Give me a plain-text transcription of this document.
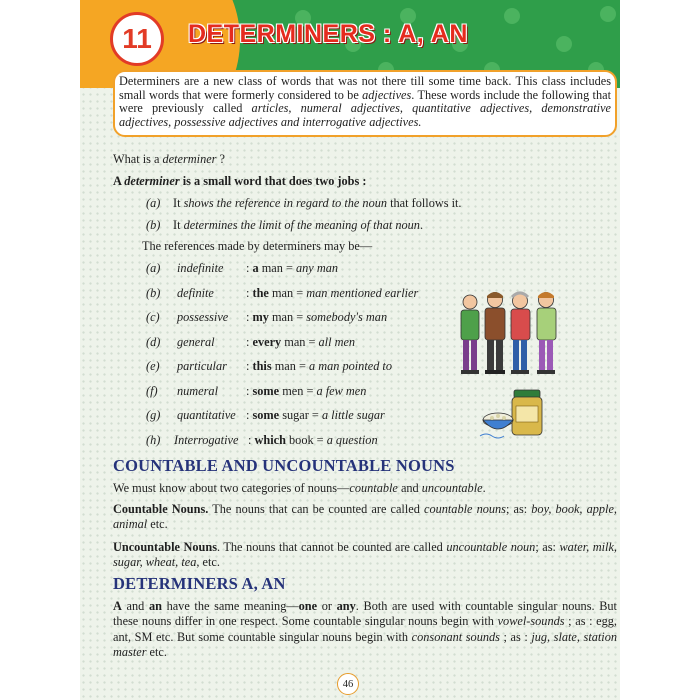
11	DETERMINERS : A, AN
Determiners are a new class of words that was not there till some time back. This class includes small words that were formerly considered to be adjectives. These words include the following that were previously called articles, numeral adjectives, quantitative adjectives, demonstrative adjectives, possessive adjectives and interrogative adjectives.
What is a determiner ?
A determiner is a small word that does two jobs :
(a) It shows the reference in regard to the noun that follows it.
(b) It determines the limit of the meaning of that noun.
The references made by determiners may be—
(a) indefinite : a man = any man
(b) definite	: the man = man mentioned earlier
(c) possessive : my man = somebody's man
(d) general	: every man = all men
(e) particular : this man = a man pointed to
(f) numeral : some men = a few men
(g) quantitative : some sugar = a little sugar
(h) Interrogative : which book = a question
COUNTABLE AND UNCOUNTABLE NOUNS
We must know about two categories of nouns—countable and uncountable.
Countable Nouns. The nouns that can be counted are called countable nouns; as: boy, book, apple, animal etc.
Uncountable Nouns. The nouns that cannot be counted are called uncountable noun; as: water, milk, sugar, wheat, tea, etc.
DETERMINERS A, AN
A and an have the same meaning—one or any. Both are used with countable singular nouns. But these nouns differ in one respect. Some countable singular nouns begin with vowel-sounds ; as : egg, ant, SM etc. But some countable singular nouns begin with consonant sounds ; as : jug, slate, station master etc.
46
